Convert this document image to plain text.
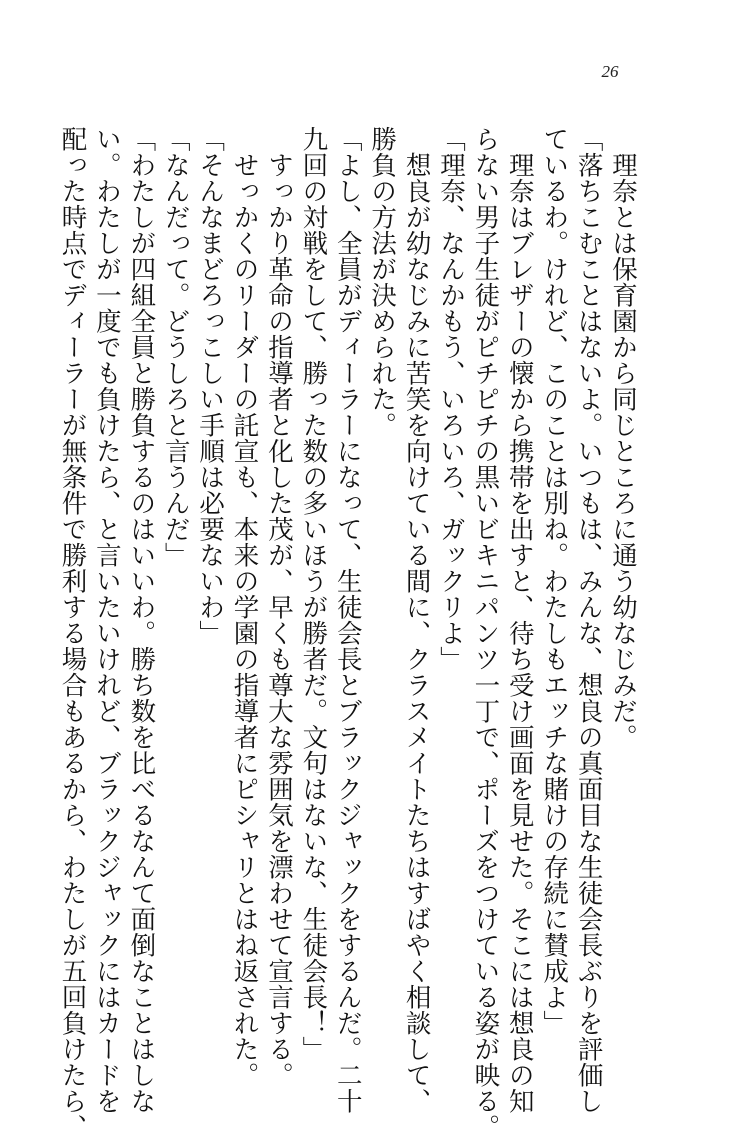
26
　理奈とは保育園から同じところに通う幼なじみだ。
「落ちこむことはないよ。いつもは、みんな、想良の真面目な生徒会長ぶりを評価し
ているわ。けれど、このことは別ね。わたしもエッチな賭けの存続に賛成よ」
　理奈はブレザーの懐から携帯を出すと、待ち受け画面を見せた。そこには想良の知
らない男子生徒がピチピチの黒いビキニパンツ一丁で、ポーズをつけている姿が映る。
「理奈、なんかもう、いろいろ、ガックリよ」
　想良が幼なじみに苦笑を向けている間に、クラスメイトたちはすばやく相談して、
勝負の方法が決められた。
「よし、全員がディーラーになって、生徒会長とブラックジャックをするんだ。二十
九回の対戦をして、勝った数の多いほうが勝者だ。文句はないな、生徒会長！」
　すっかり革命の指導者と化した茂が、早くも尊大な雰囲気を漂わせて宣言する。
　せっかくのリーダーの託宣も、本来の学園の指導者にピシャリとはね返された。
「そんなまどろっこしい手順は必要ないわ」
「なんだって。どうしろと言うんだ」
「わたしが四組全員と勝負するのはいいわ。勝ち数を比べるなんて面倒なことはしな
い。わたしが一度でも負けたら、と言いたいけれど、ブラックジャックにはカードを
配った時点でディーラーが無条件で勝利する場合もあるから、わたしが五回負けたら、
